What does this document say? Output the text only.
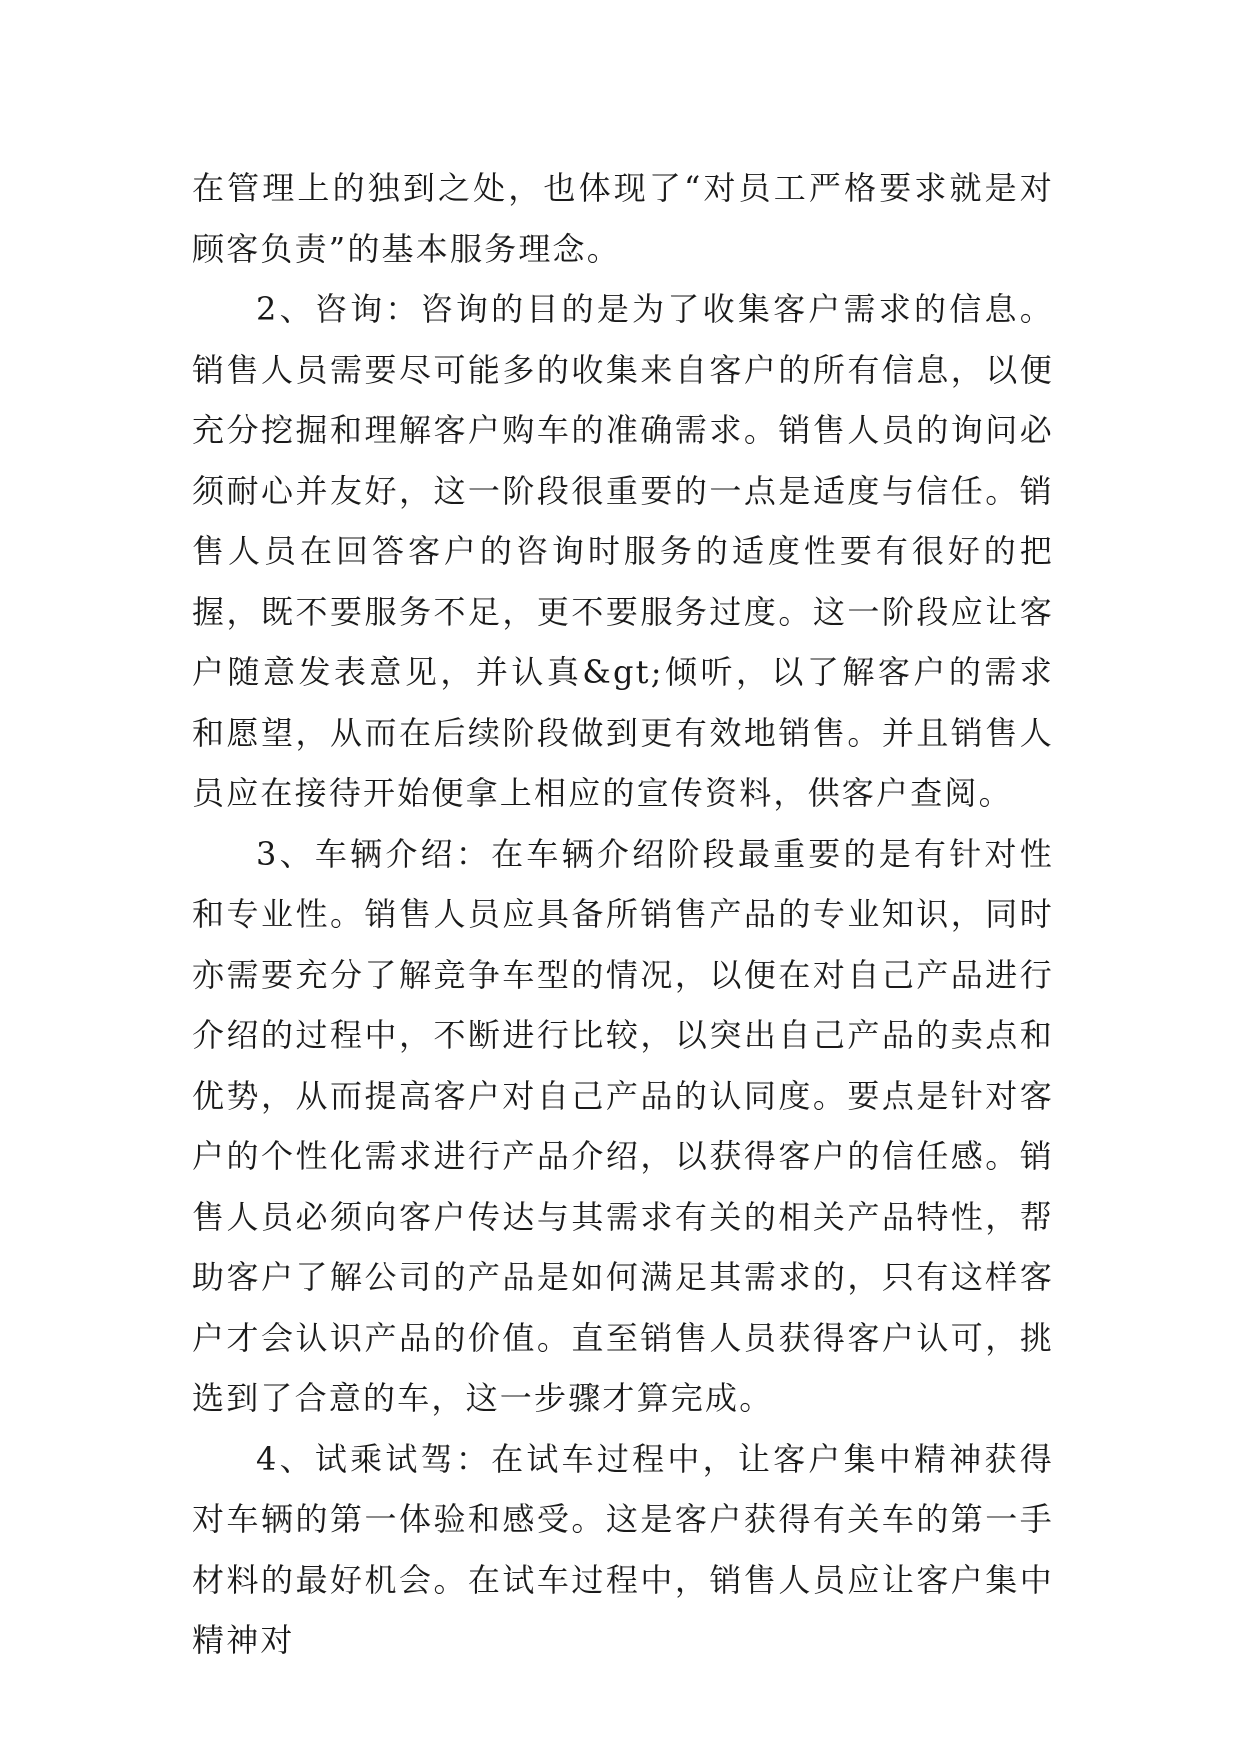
在管理上的独到之处，也体现了“对员工严格要求就是对顾客负责”的基本服务理念。

2、咨询：咨询的目的是为了收集客户需求的信息。销售人员需要尽可能多的收集来自客户的所有信息，以便充分挖掘和理解客户购车的准确需求。销售人员的询问必须耐心并友好，这一阶段很重要的一点是适度与信任。销售人员在回答客户的咨询时服务的适度性要有很好的把握，既不要服务不足，更不要服务过度。这一阶段应让客户随意发表意见，并认真&gt;倾听，以了解客户的需求和愿望，从而在后续阶段做到更有效地销售。并且销售人员应在接待开始便拿上相应的宣传资料，供客户查阅。

3、车辆介绍：在车辆介绍阶段最重要的是有针对性和专业性。销售人员应具备所销售产品的专业知识，同时亦需要充分了解竞争车型的情况，以便在对自己产品进行介绍的过程中，不断进行比较，以突出自己产品的卖点和优势，从而提高客户对自己产品的认同度。要点是针对客户的个性化需求进行产品介绍，以获得客户的信任感。销售人员必须向客户传达与其需求有关的相关产品特性，帮助客户了解公司的产品是如何满足其需求的，只有这样客户才会认识产品的价值。直至销售人员获得客户认可，挑选到了合意的车，这一步骤才算完成。

4、试乘试驾：在试车过程中，让客户集中精神获得对车辆的第一体验和感受。这是客户获得有关车的第一手材料的最好机会。在试车过程中，销售人员应让客户集中精神对
